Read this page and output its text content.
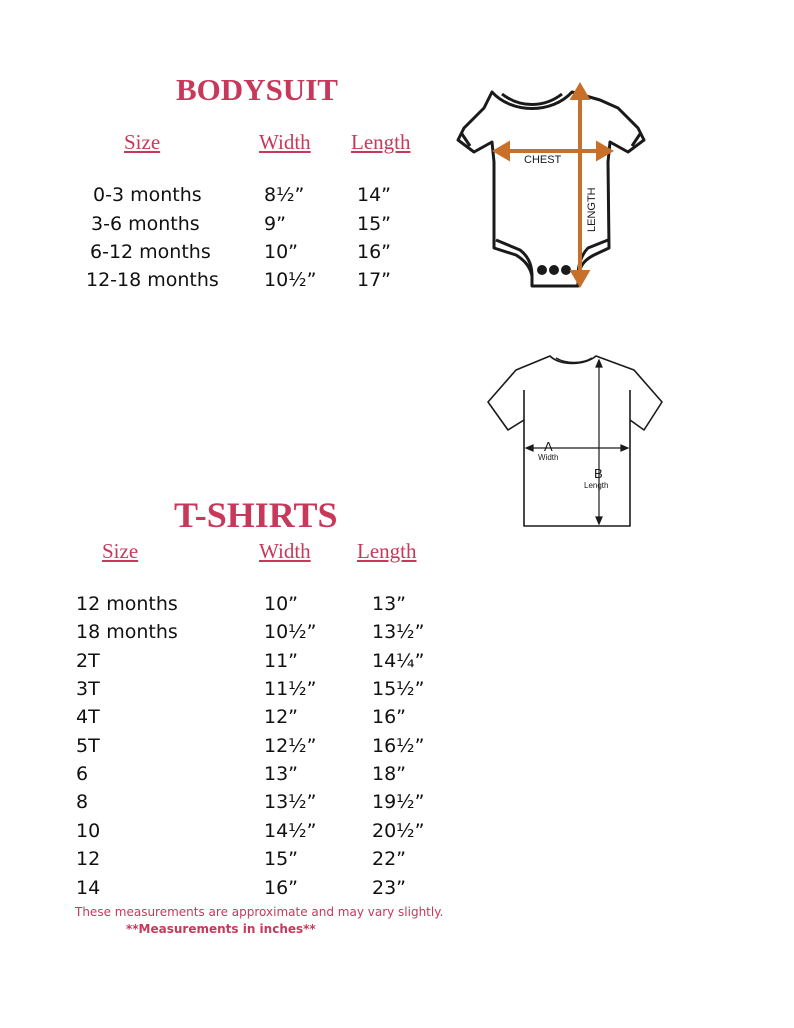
BODYSUIT
Size	Width Length
0-3 months	8½”	14”
3-6 months	9”	15”
6-12 months	10”	16”
12-18 months 10½” 17”
CHEST
LENGTH
A
Width
B
Length
T-SHIRTS
Size	Width Length
12 months	10”	13”
18 months	10½”	13½”
2T	11”	14¼”
3T	11½”	15½”
4T	12”	16”
5T	12½”	16½”
6	13”	18”
8	13½”	19½”
10	14½”	20½”
12	15”	22”
14	16”	23”
These measurements are approximate and may vary slightly.
**Measurements in inches**
